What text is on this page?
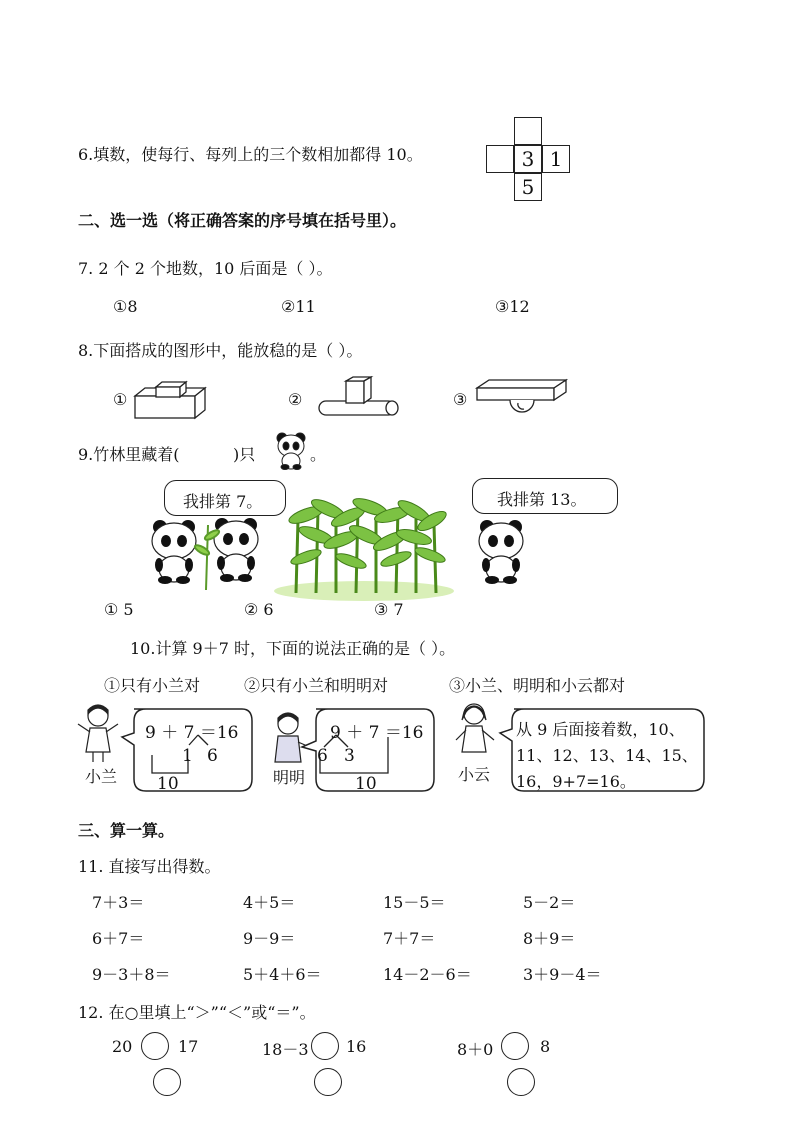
6.填数，使每行、每列上的三个数相加都得 10。	3 1
5
二、选一选（将正确答案的序号填在括号里）。
7. 2 个 2 个地数，10 后面是（ ）。
①8	②11	③12
8.下面搭成的图形中，能放稳的是（ ）。
①	②	③
9.竹林里藏着(	)只	。
我排第 7。	我排第 13。
① 5	② 6	③ 7
10.计算 9＋7 时，下面的说法正确的是（ ）。
①只有小兰对	②只有小兰和明明对	③小兰、明明和小云都对
小兰	明明	小云
9 ＋ 7 ＝16
1 6
10
9 ＋ 7 ＝16
6 3
10
从 9 后面接着数，10、
11、12、13、14、15、
16，9+7=16。
三、算一算。
11. 直接写出得数。
7＋3＝	4＋5＝	15－5＝	5－2＝
6＋7＝	9－9＝	7＋7＝	8＋9＝
9－3＋8＝	5＋4＋6＝	14－2－6＝	3＋9－4＝
12. 在○里填上“＞”“＜”或“＝”。
20	17	18－3 16	8＋0	8
